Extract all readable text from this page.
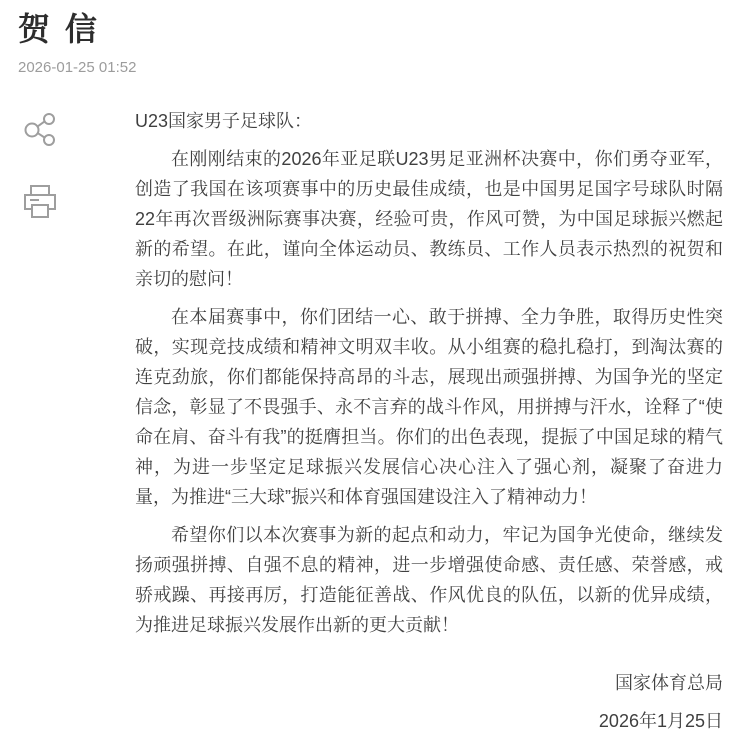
贺 信
2026-01-25 01:52

U23国家男子足球队：

在刚刚结束的2026年亚足联U23男足亚洲杯决赛中，你们勇夺亚军，创造了我国在该项赛事中的历史最佳成绩，也是中国男足国字号球队时隔22年再次晋级洲际赛事决赛，经验可贵，作风可赞，为中国足球振兴燃起新的希望。在此，谨向全体运动员、教练员、工作人员表示热烈的祝贺和亲切的慰问！

在本届赛事中，你们团结一心、敢于拼搏、全力争胜，取得历史性突破，实现竞技成绩和精神文明双丰收。从小组赛的稳扎稳打，到淘汰赛的连克劲旅，你们都能保持高昂的斗志，展现出顽强拼搏、为国争光的坚定信念，彰显了不畏强手、永不言弃的战斗作风，用拼搏与汗水，诠释了“使命在肩、奋斗有我”的挺膺担当。你们的出色表现，提振了中国足球的精气神，为进一步坚定足球振兴发展信心决心注入了强心剂，凝聚了奋进力量，为推进“三大球”振兴和体育强国建设注入了精神动力！

希望你们以本次赛事为新的起点和动力，牢记为国争光使命，继续发扬顽强拼搏、自强不息的精神，进一步增强使命感、责任感、荣誉感，戒骄戒躁、再接再厉，打造能征善战、作风优良的队伍，以新的优异成绩，为推进足球振兴发展作出新的更大贡献！

国家体育总局

2026年1月25日
